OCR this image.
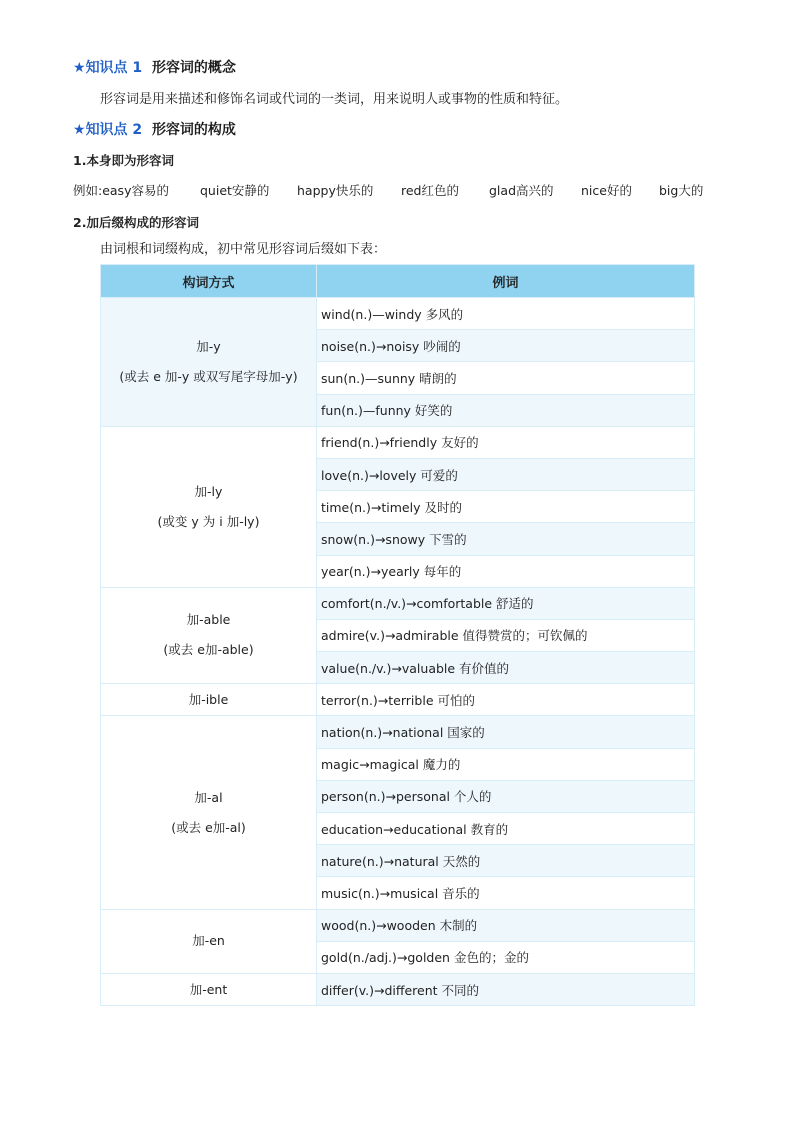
★知识点 1 形容词的概念
形容词是用来描述和修饰名词或代词的一类词，用来说明人或事物的性质和特征。
★知识点 2 形容词的构成
1.本身即为形容词
例如:easy容易的 quiet安静的 happy快乐的 red红色的 glad高兴的 nice好的 big大的
2.加后缀构成的形容词
由词根和词缀构成，初中常见形容词后缀如下表：
构词方式	例词

加-y
(或去 e 加-y 或双写尾字母加-y)	wind(n.)—windy 多风的
	noise(n.)→noisy 吵闹的
	sun(n.)—sunny 晴朗的
	fun(n.)—funny 好笑的

加-ly
(或变 y 为 i 加-ly)	friend(n.)→friendly 友好的
	love(n.)→lovely 可爱的
	time(n.)→timely 及时的
	snow(n.)→snowy 下雪的
	year(n.)→yearly 每年的

加-able
(或去 e加-able)	comfort(n./v.)→comfortable 舒适的
	admire(v.)→admirable 值得赞赏的；可钦佩的
	value(n./v.)→valuable 有价值的

加-ible	terror(n.)→terrible 可怕的

加-al
(或去 e加-al)	nation(n.)→national 国家的
	magic→magical 魔力的
	person(n.)→personal 个人的
	education→educational 教育的
	nature(n.)→natural 天然的
	music(n.)→musical 音乐的

加-en	wood(n.)→wooden 木制的
	gold(n./adj.)→golden 金色的；金的

加-ent	differ(v.)→different 不同的
